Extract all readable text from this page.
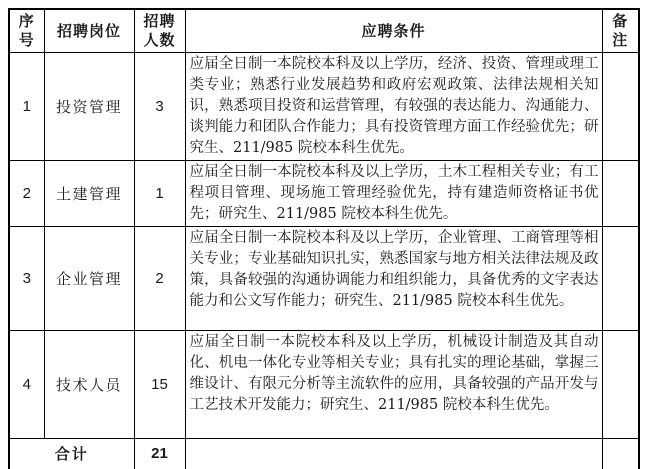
序号	招聘岗位	招聘人数	应聘条件	备注
1	投资管理	3	应届全日制一本院校本科及以上学历，经济、投资、管理或理工类专业；熟悉行业发展趋势和政府宏观政策、法律法规相关知识，熟悉项目投资和运营管理，有较强的表达能力、沟通能力、谈判能力和团队合作能力；具有投资管理方面工作经验优先；研究生、211/985 院校本科生优先。	
2	土建管理	1	应届全日制一本院校本科及以上学历，土木工程相关专业；有工程项目管理、现场施工管理经验优先，持有建造师资格证书优先；研究生、211/985 院校本科生优先。	
3	企业管理	2	应届全日制一本院校本科及以上学历，企业管理、工商管理等相关专业；专业基础知识扎实，熟悉国家与地方相关法律法规及政策，具备较强的沟通协调能力和组织能力，具备优秀的文字表达能力和公文写作能力；研究生、211/985 院校本科生优先。	
4	技术人员	15	应届全日制一本院校本科及以上学历，机械设计制造及其自动化、机电一体化专业等相关专业；具有扎实的理论基础，掌握三维设计、有限元分析等主流软件的应用，具备较强的产品开发与工艺技术开发能力；研究生、211/985 院校本科生优先。	
合计		21		
